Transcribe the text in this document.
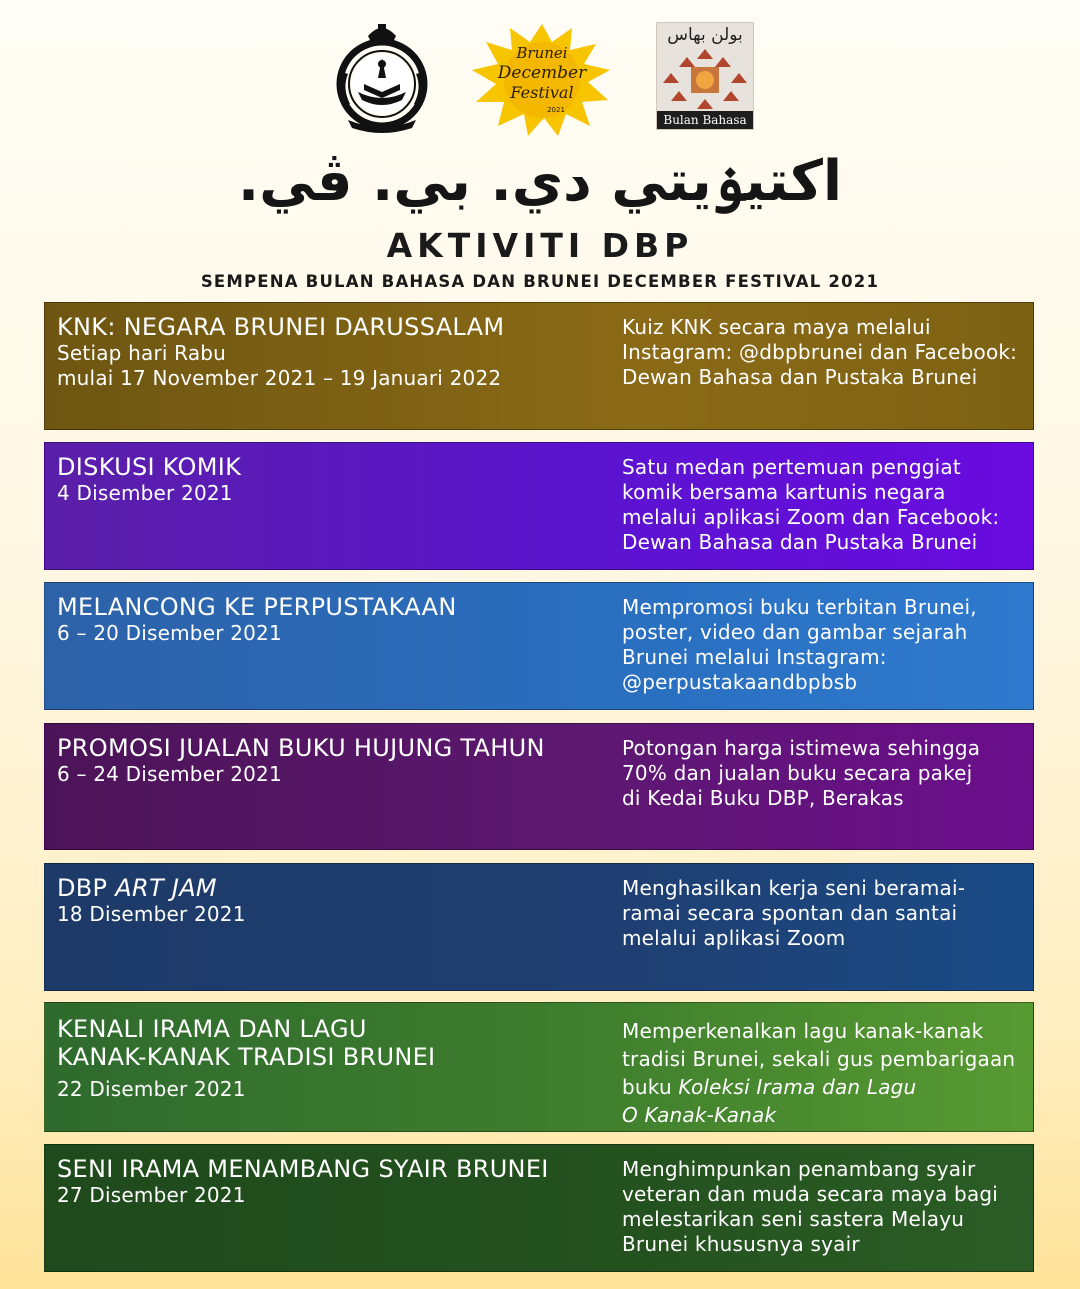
Brunei
December
Festival
2021
بولن بهاس
Bulan Bahasa
اكتيۏيتي دي. بي. ڤي.
AKTIVITI DBP
SEMPENA BULAN BAHASA DAN BRUNEI DECEMBER FESTIVAL 2021
KNK: NEGARA BRUNEI DARUSSALAM
Setiap hari Rabu
mulai 17 November 2021 – 19 Januari 2022
Kuiz KNK secara maya melalui
Instagram: @dbpbrunei dan Facebook:
Dewan Bahasa dan Pustaka Brunei
DISKUSI KOMIK
4 Disember 2021
Satu medan pertemuan penggiat
komik bersama kartunis negara
melalui aplikasi Zoom dan Facebook:
Dewan Bahasa dan Pustaka Brunei
MELANCONG KE PERPUSTAKAAN
6 – 20 Disember 2021
Mempromosi buku terbitan Brunei,
poster, video dan gambar sejarah
Brunei melalui Instagram:
@perpustakaandbpbsb
PROMOSI JUALAN BUKU HUJUNG TAHUN
6 – 24 Disember 2021
Potongan harga istimewa sehingga
70% dan jualan buku secara pakej
di Kedai Buku DBP, Berakas
DBP ART JAM
18 Disember 2021
Menghasilkan kerja seni beramai-
ramai secara spontan dan santai
melalui aplikasi Zoom
KENALI IRAMA DAN LAGU
KANAK-KANAK TRADISI BRUNEI
22 Disember 2021
Memperkenalkan lagu kanak-kanak
tradisi Brunei, sekali gus pembarigaan
buku Koleksi Irama dan Lagu
O Kanak-Kanak
SENI IRAMA MENAMBANG SYAIR BRUNEI
27 Disember 2021
Menghimpunkan penambang syair
veteran dan muda secara maya bagi
melestarikan seni sastera Melayu
Brunei khususnya syair
